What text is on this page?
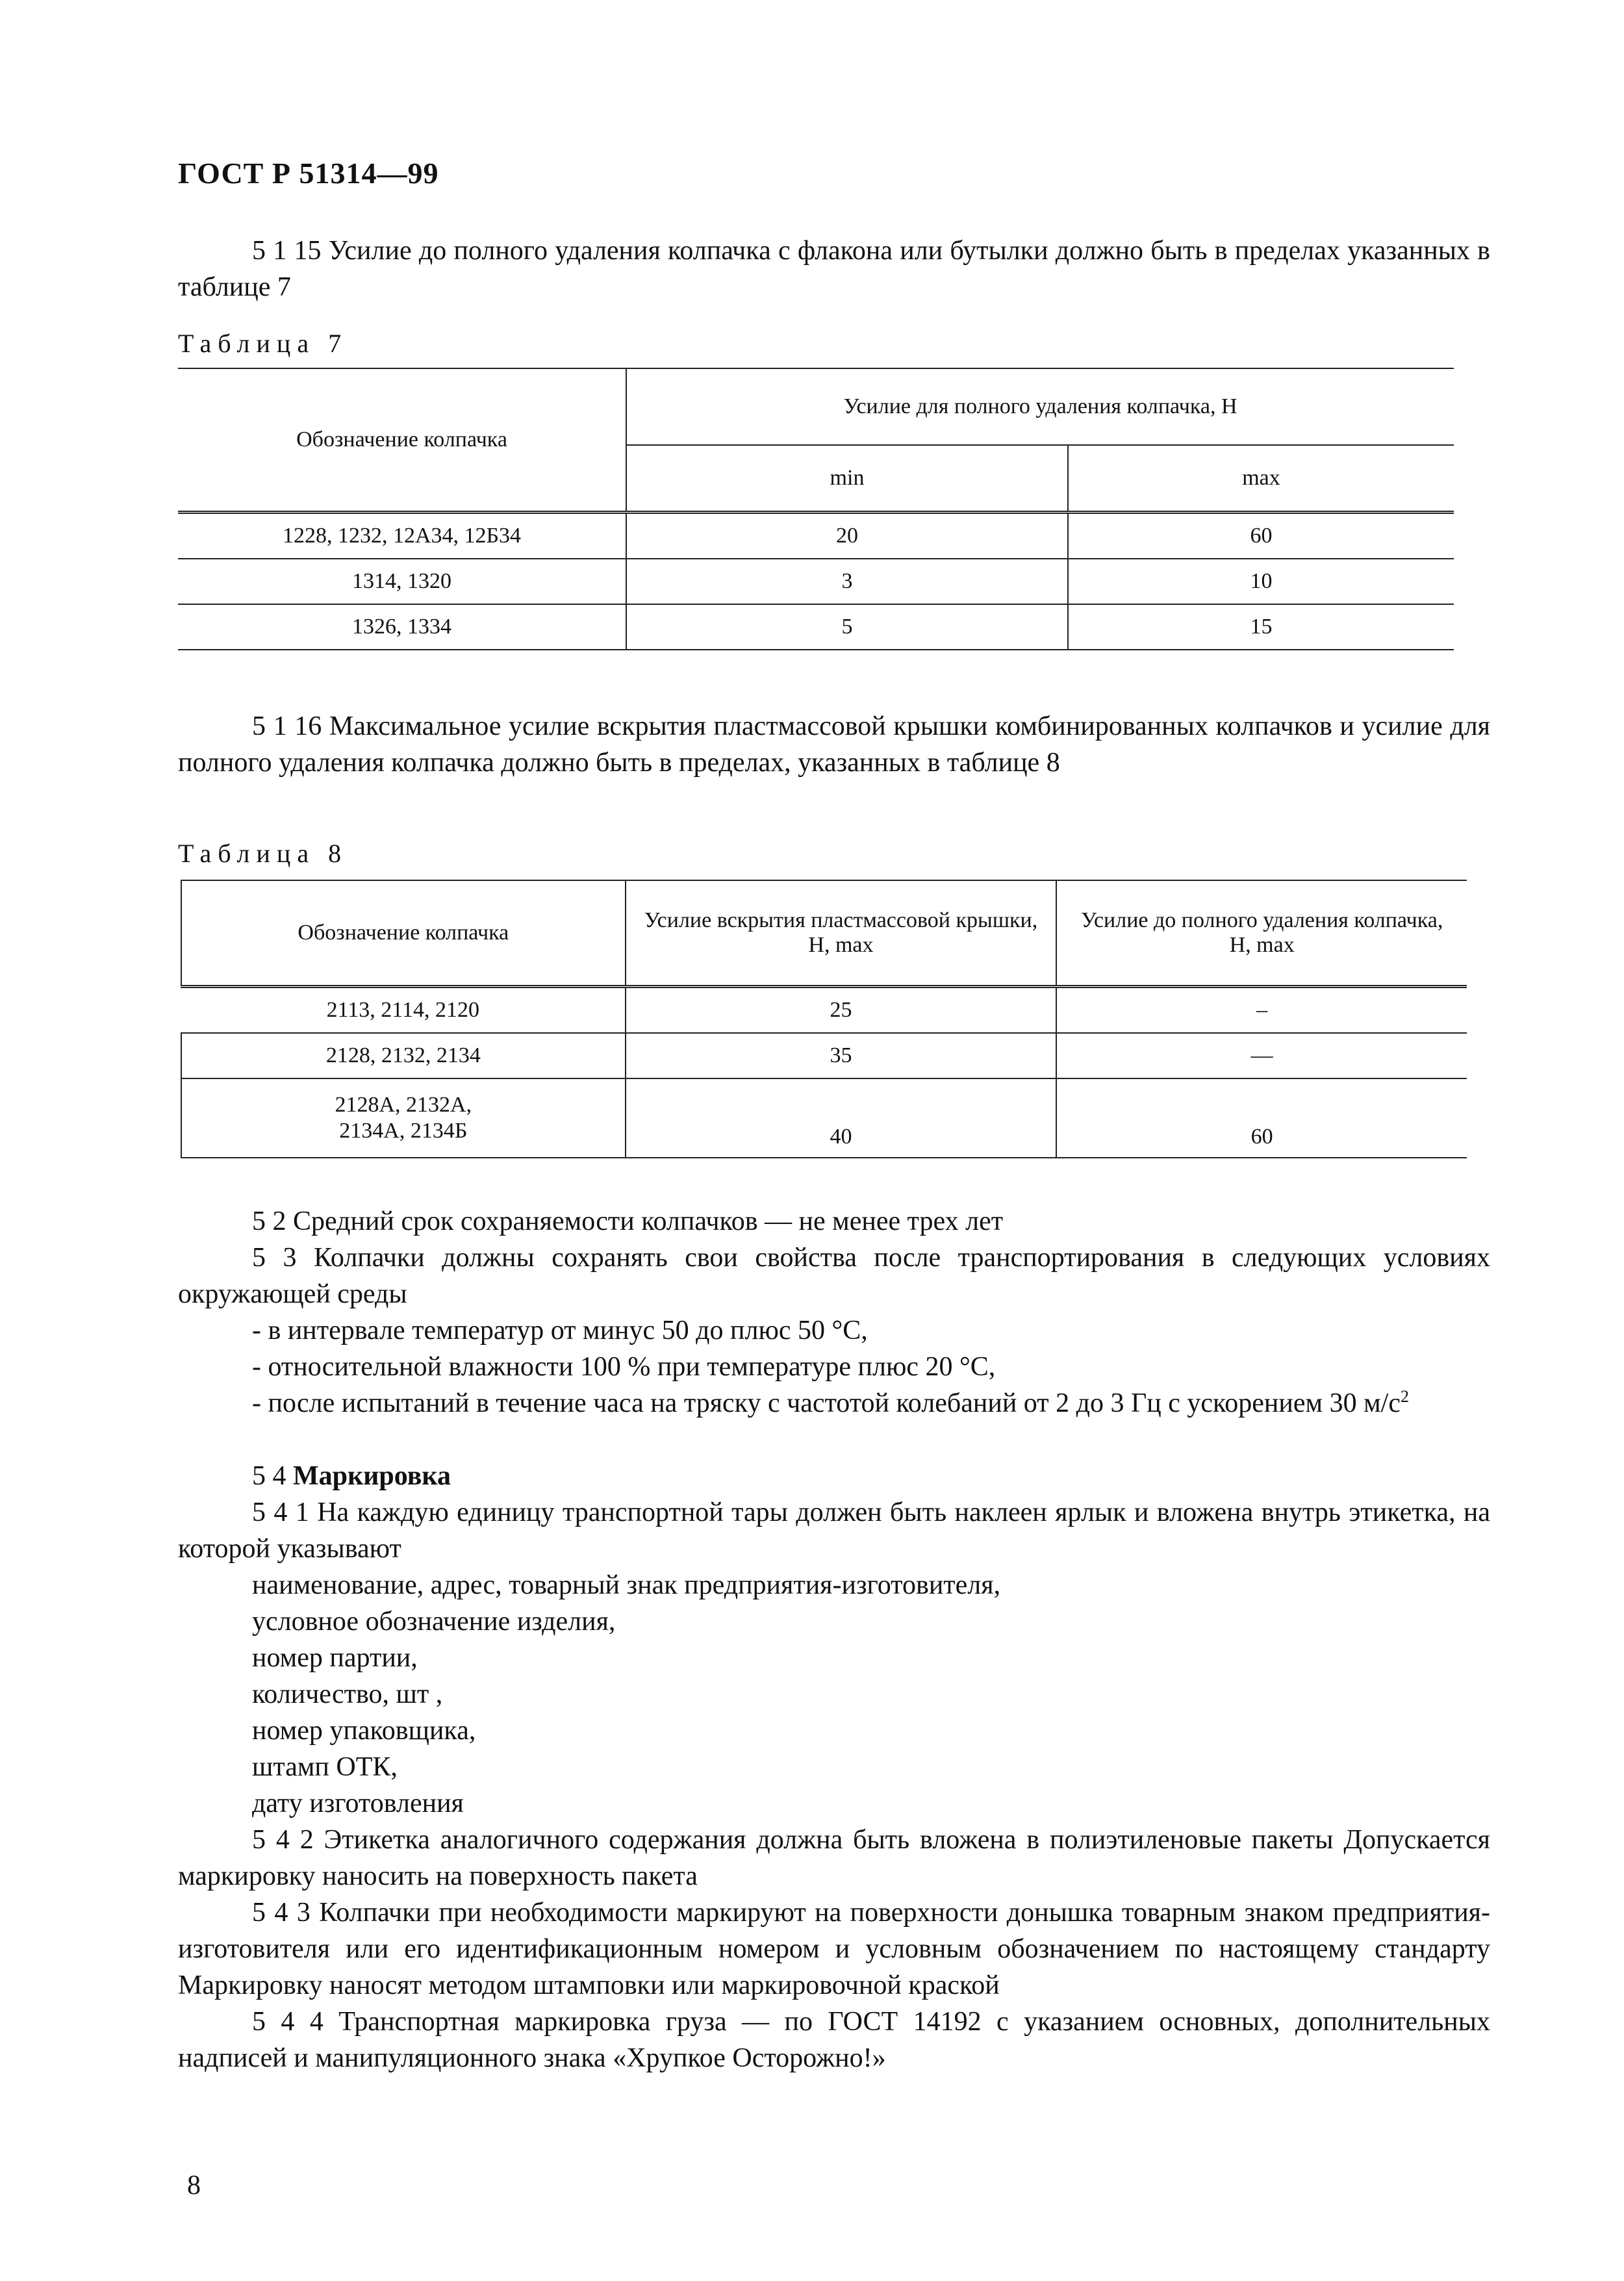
ГОСТ Р 51314—99
5 1 15 Усилие до полного удаления колпачка с флакона или бутылки должно быть в пределах указанных в таблице 7
Таблица 7
Обозначение колпачка	Усилие для полного удаления колпачка, Н	
	min	max
1228, 1232, 12А34, 12Б34	20	60
1314, 1320	3	10
1326, 1334	5	15
5 1 16 Максимальное усилие вскрытия пластмассовой крышки комбинированных колпачков и усилие для полного удаления колпачка должно быть в пределах, указанных в таблице 8
Таблица 8
Обозначение колпачка	Усилие вскрытия пластмассовой крышки, Н, max	Усилие до полного удаления колпачка, Н, max
2113, 2114, 2120	25	–
2128, 2132, 2134	35	—

2128А, 2132А,
2134А, 2134Б	40	60
5 2 Средний срок сохраняемости колпачков — не менее трех лет
5 3 Колпачки должны сохранять свои свойства после транспортирования в следующих условиях окружающей среды
- в интервале температур от минус 50 до плюс 50 °С,
- относительной влажности 100 % при температуре плюс 20 °С,
- после испытаний в течение часа на тряску с частотой колебаний от 2 до 3 Гц с ускорением 30 $м/с^2$
5 4 Маркировка
5 4 1 На каждую единицу транспортной тары должен быть наклеен ярлык и вложена внутрь этикетка, на которой указывают
наименование, адрес, товарный знак предприятия-изготовителя,
условное обозначение изделия,
номер партии,
количество, шт ,
номер упаковщика,
штамп ОТК,
дату изготовления
5 4 2 Этикетка аналогичного содержания должна быть вложена в полиэтиленовые пакеты Допускается маркировку наносить на поверхность пакета
5 4 3 Колпачки при необходимости маркируют на поверхности донышка товарным знаком предприятия-изготовителя или его идентификационным номером и условным обозначением по настоящему стандарту Маркировку наносят методом штамповки или маркировочной краской
5 4 4 Транспортная маркировка груза — по ГОСТ 14192 с указанием основных, дополнительных надписей и манипуляционного знака «Хрупкое Осторожно!»
8
